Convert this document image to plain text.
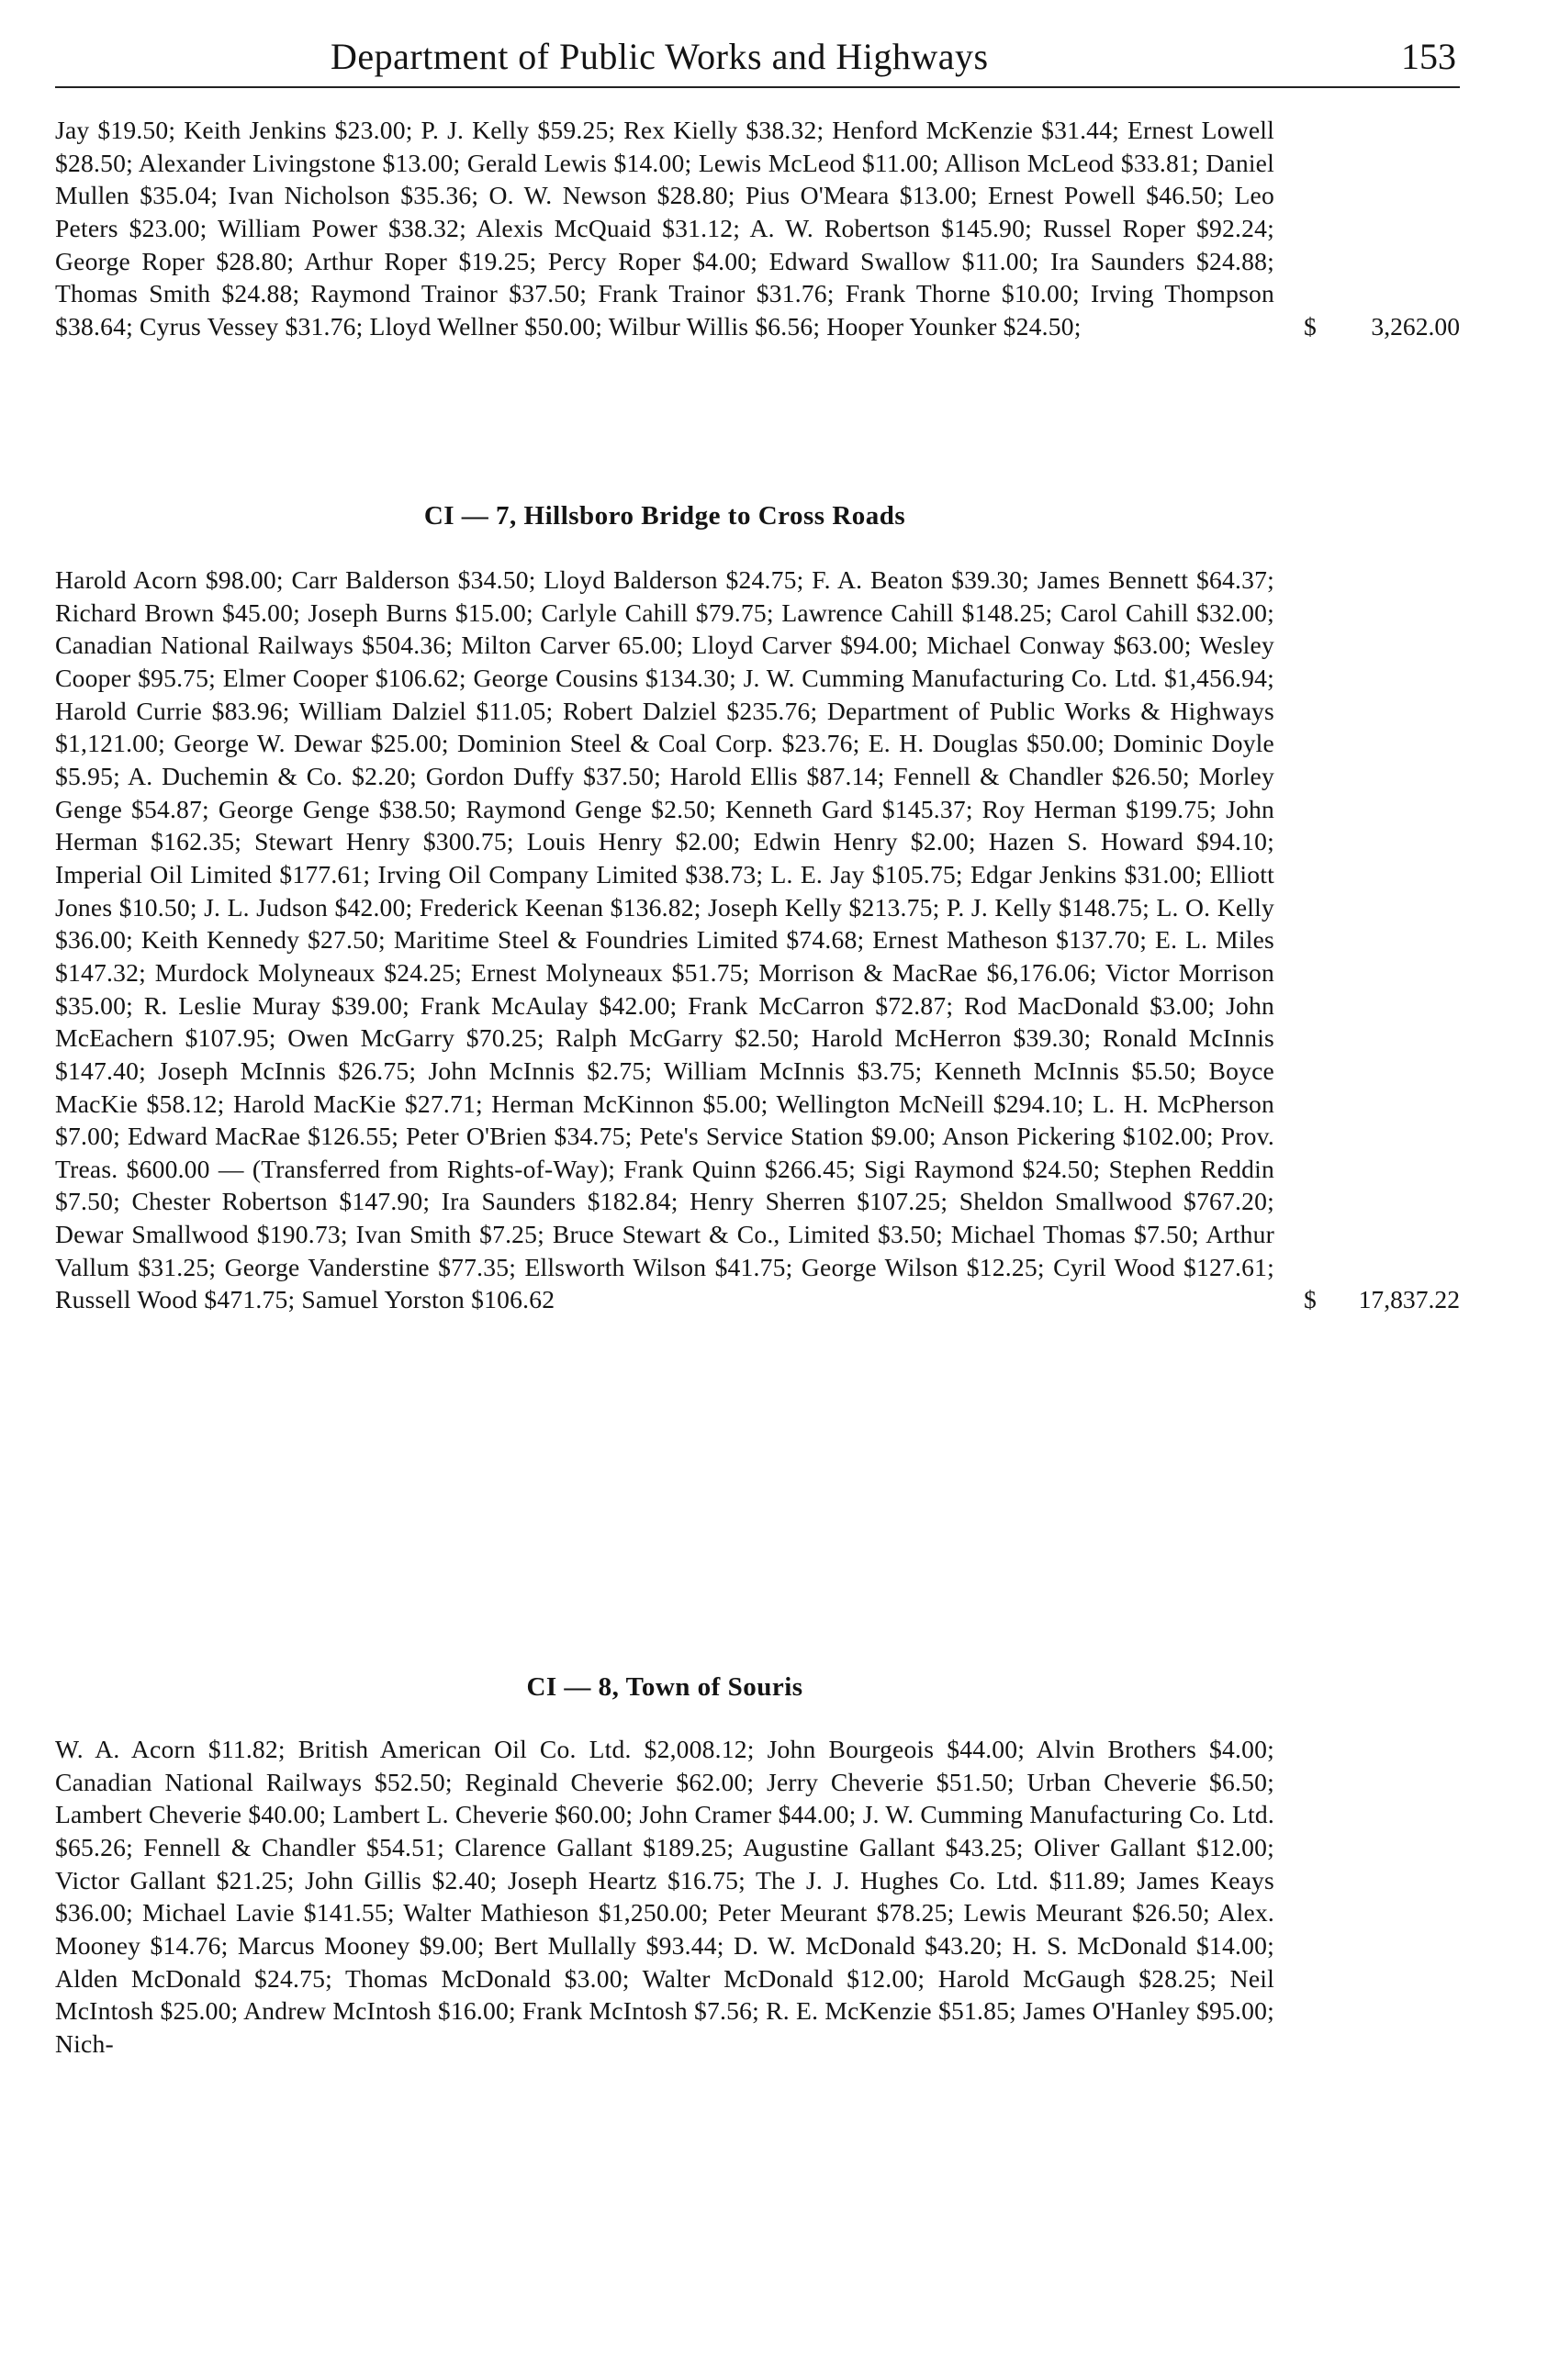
Department of Public Works and Highways	153
Jay $19.50; Keith Jenkins $23.00; P. J. Kelly $59.25; Rex Kielly $38.32; Henford McKenzie $31.44; Ernest Lowell $28.50; Alexander Livingstone $13.00; Gerald Lewis $14.00; Lewis McLeod $11.00; Allison McLeod $33.81; Daniel Mullen $35.04; Ivan Nicholson $35.36; O. W. Newson $28.80; Pius O'Meara $13.00; Ernest Powell $46.50; Leo Peters $23.00; William Power $38.32; Alexis McQuaid $31.12; A. W. Robertson $145.90; Russel Roper $92.24; George Roper $28.80; Arthur Roper $19.25; Percy Roper $4.00; Edward Swallow $11.00; Ira Saunders $24.88; Thomas Smith $24.88; Raymond Trainor $37.50; Frank Trainor $31.76; Frank Thorne $10.00; Irving Thompson $38.64; Cyrus Vessey $31.76; Lloyd Wellner $50.00; Wilbur Willis $6.56; Hooper Younker $24.50;	$ 3,262.00
CI — 7, Hillsboro Bridge to Cross Roads
Harold Acorn $98.00; Carr Balderson $34.50; Lloyd Balderson $24.75; F. A. Beaton $39.30; James Bennett $64.37; Richard Brown $45.00; Joseph Burns $15.00; Carlyle Cahill $79.75; Lawrence Cahill $148.25; Carol Cahill $32.00; Canadian National Railways $504.36; Milton Carver 65.00; Lloyd Carver $94.00; Michael Conway $63.00; Wesley Cooper $95.75; Elmer Cooper $106.62; George Cousins $134.30; J. W. Cumming Manufacturing Co. Ltd. $1,456.94; Harold Currie $83.96; William Dalziel $11.05; Robert Dalziel $235.76; Department of Public Works & Highways $1,121.00; George W. Dewar $25.00; Dominion Steel & Coal Corp. $23.76; E. H. Douglas $50.00; Dominic Doyle $5.95; A. Duchemin & Co. $2.20; Gordon Duffy $37.50; Harold Ellis $87.14; Fennell & Chandler $26.50; Morley Genge $54.87; George Genge $38.50; Raymond Genge $2.50; Kenneth Gard $145.37; Roy Herman $199.75; John Herman $162.35; Stewart Henry $300.75; Louis Henry $2.00; Edwin Henry $2.00; Hazen S. Howard $94.10; Imperial Oil Limited $177.61; Irving Oil Company Limited $38.73; L. E. Jay $105.75; Edgar Jenkins $31.00; Elliott Jones $10.50; J. L. Judson $42.00; Frederick Keenan $136.82; Joseph Kelly $213.75; P. J. Kelly $148.75; L. O. Kelly $36.00; Keith Kennedy $27.50; Maritime Steel & Foundries Limited $74.68; Ernest Matheson $137.70; E. L. Miles $147.32; Murdock Molyneaux $24.25; Ernest Molyneaux $51.75; Morrison & MacRae $6,176.06; Victor Morrison $35.00; R. Leslie Muray $39.00; Frank McAulay $42.00; Frank McCarron $72.87; Rod MacDonald $3.00; John McEachern $107.95; Owen McGarry $70.25; Ralph McGarry $2.50; Harold McHerron $39.30; Ronald McInnis $147.40; Joseph McInnis $26.75; John McInnis $2.75; William McInnis $3.75; Kenneth McInnis $5.50; Boyce MacKie $58.12; Harold MacKie $27.71; Herman McKinnon $5.00; Wellington McNeill $294.10; L. H. McPherson $7.00; Edward MacRae $126.55; Peter O'Brien $34.75; Pete's Service Station $9.00; Anson Pickering $102.00; Prov. Treas. $600.00 — (Transferred from Rights-of-Way); Frank Quinn $266.45; Sigi Raymond $24.50; Stephen Reddin $7.50; Chester Robertson $147.90; Ira Saunders $182.84; Henry Sherren $107.25; Sheldon Smallwood $767.20; Dewar Smallwood $190.73; Ivan Smith $7.25; Bruce Stewart & Co., Limited $3.50; Michael Thomas $7.50; Arthur Vallum $31.25; George Vanderstine $77.35; Ellsworth Wilson $41.75; George Wilson $12.25; Cyril Wood $127.61; Russell Wood $471.75; Samuel Yorston $106.62	$ 17,837.22
CI — 8, Town of Souris
W. A. Acorn $11.82; British American Oil Co. Ltd. $2,008.12; John Bourgeois $44.00; Alvin Brothers $4.00; Canadian National Railways $52.50; Reginald Cheverie $62.00; Jerry Cheverie $51.50; Urban Cheverie $6.50; Lambert Cheverie $40.00; Lambert L. Cheverie $60.00; John Cramer $44.00; J. W. Cumming Manufacturing Co. Ltd. $65.26; Fennell & Chandler $54.51; Clarence Gallant $189.25; Augustine Gallant $43.25; Oliver Gallant $12.00; Victor Gallant $21.25; John Gillis $2.40; Joseph Heartz $16.75; The J. J. Hughes Co. Ltd. $11.89; James Keays $36.00; Michael Lavie $141.55; Walter Mathieson $1,250.00; Peter Meurant $78.25; Lewis Meurant $26.50; Alex. Mooney $14.76; Marcus Mooney $9.00; Bert Mullally $93.44; D. W. McDonald $43.20; H. S. McDonald $14.00; Alden McDonald $24.75; Thomas McDonald $3.00; Walter McDonald $12.00; Harold McGaugh $28.25; Neil McIntosh $25.00; Andrew McIntosh $16.00; Frank McIntosh $7.56; R. E. McKenzie $51.85; James O'Hanley $95.00; Nich-
